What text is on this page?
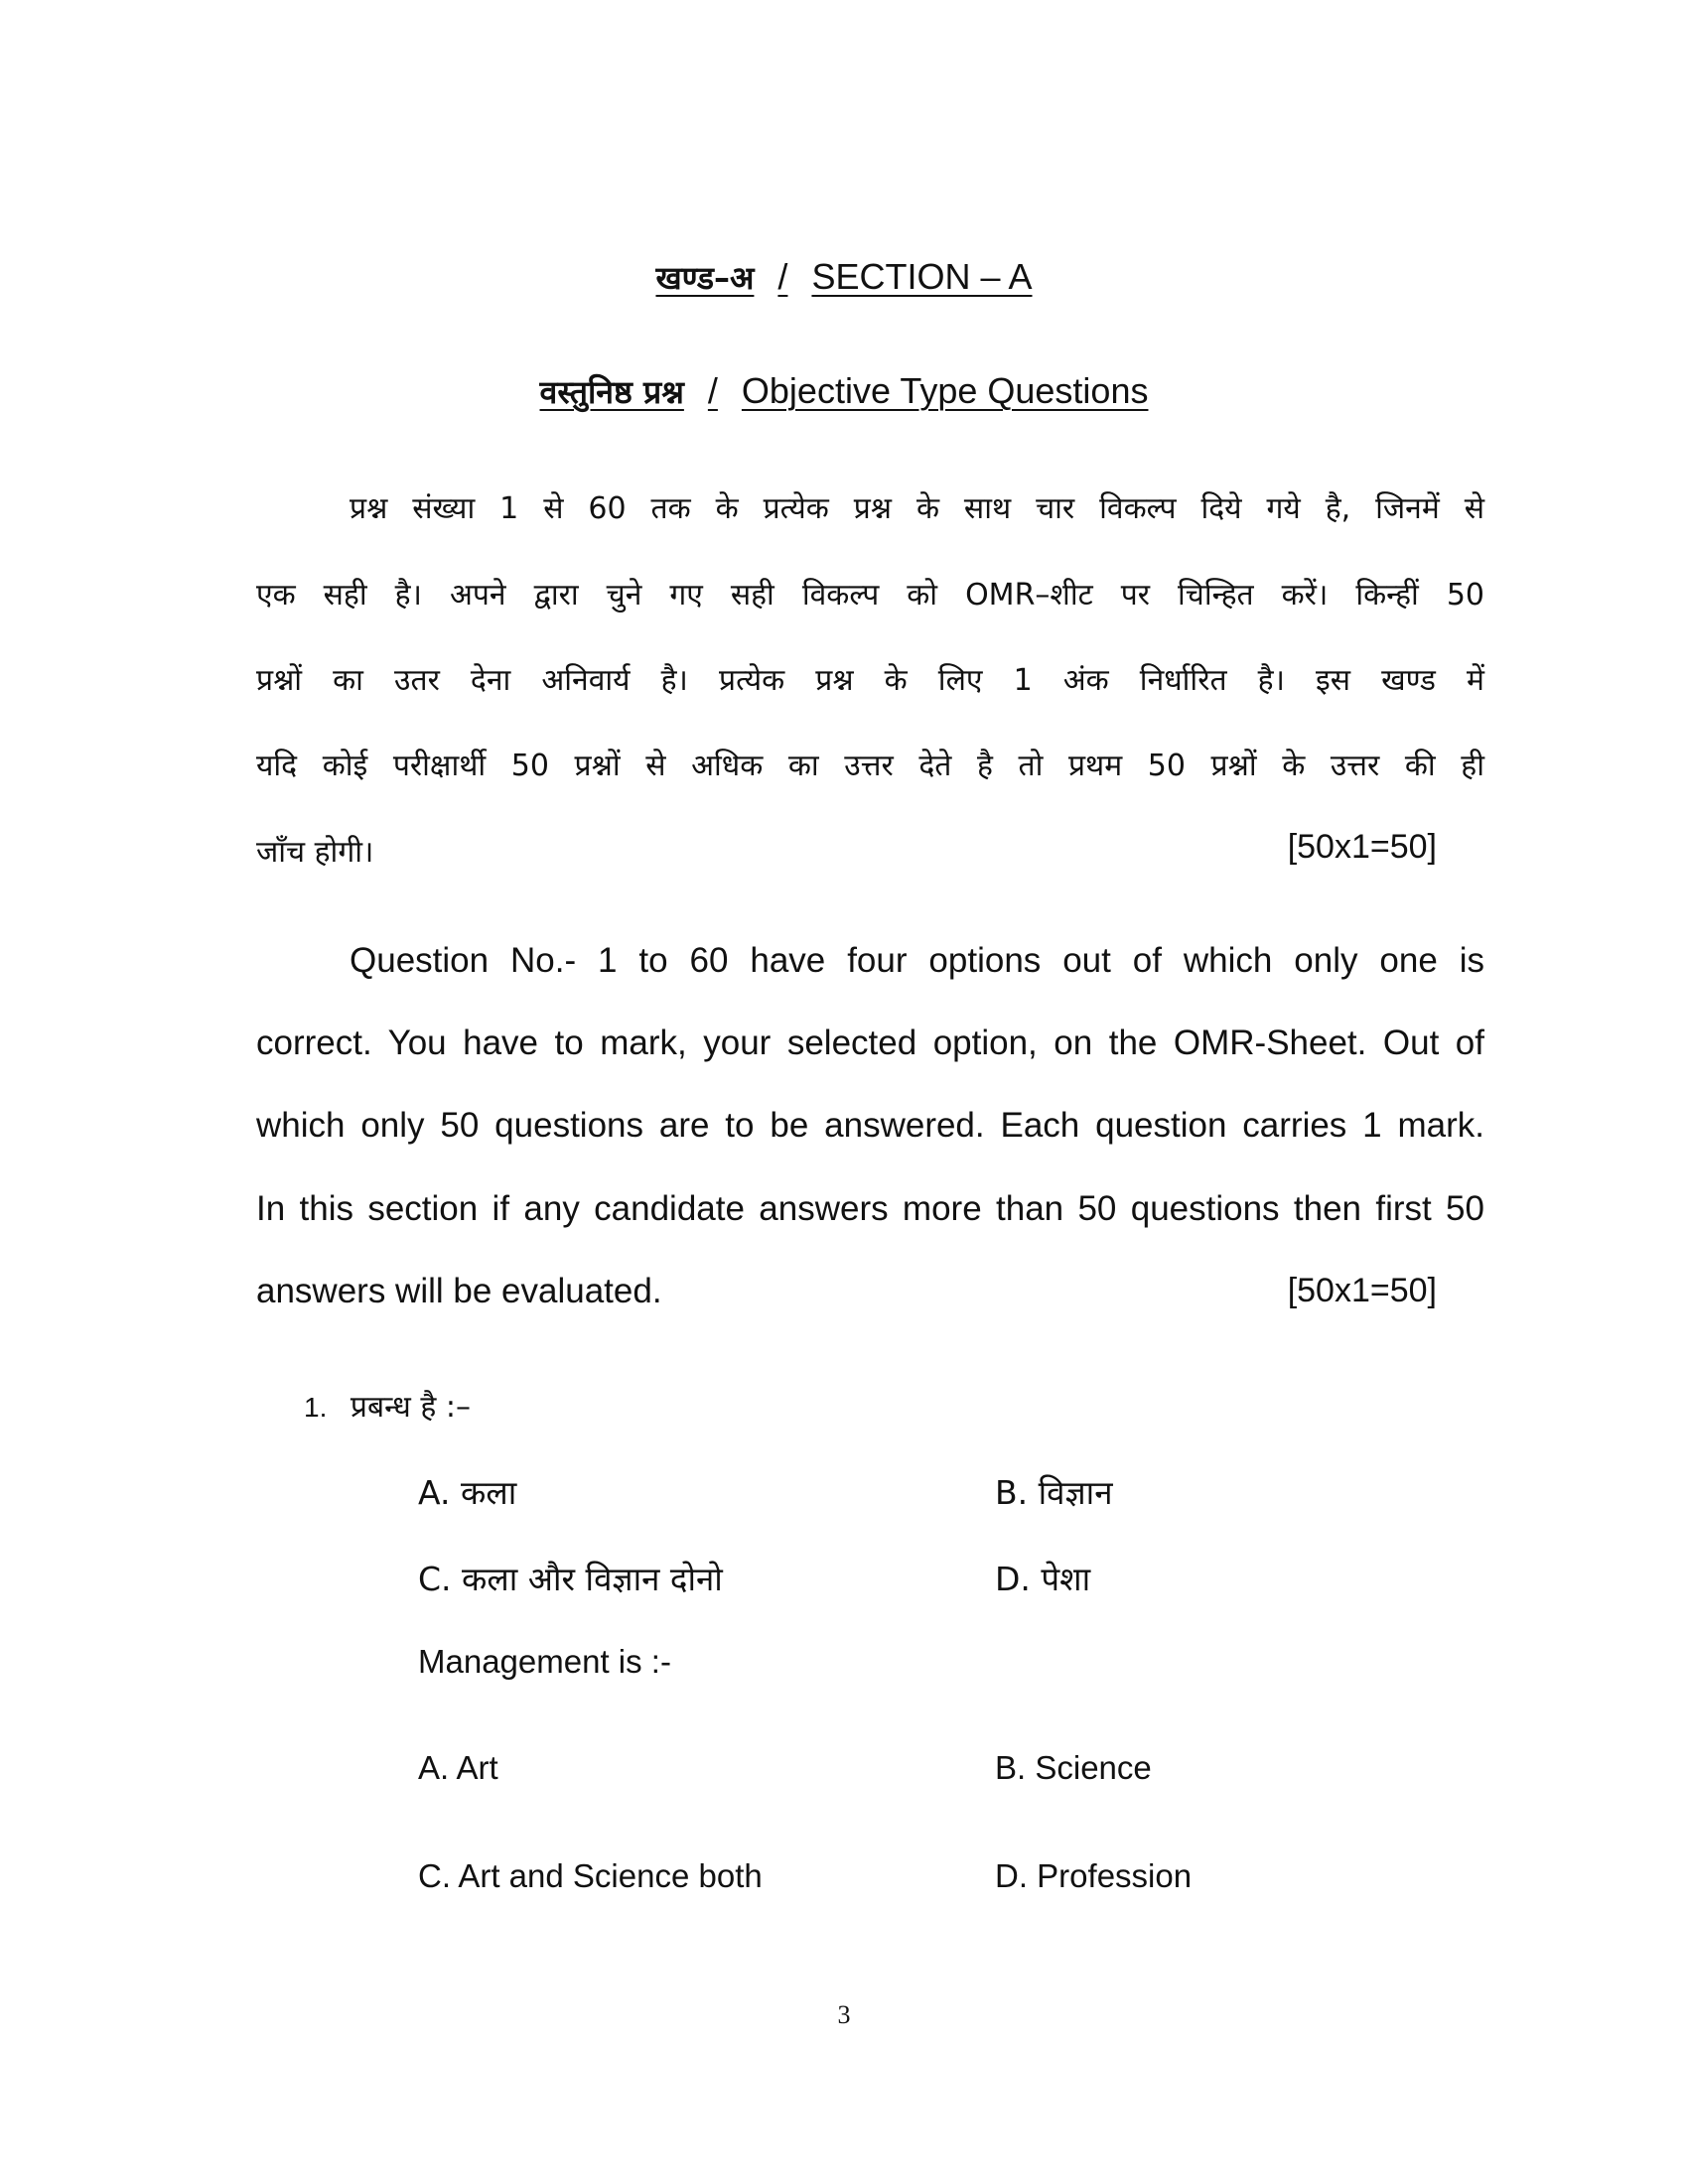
खण्ड–अ / SECTION – A
वस्तुनिष्ठ प्रश्न / Objective Type Questions
प्रश्न संख्या 1 से 60 तक के प्रत्येक प्रश्न के साथ चार विकल्प दिये गये है, जिनमें से
एक सही है। अपने द्वारा चुने गए सही विकल्प को OMR–शीट पर चिन्हित करें। किन्हीं 50
प्रश्नों का उतर देना अनिवार्य है। प्रत्येक प्रश्न के लिए 1 अंक निर्धारित है। इस खण्ड में
यदि कोई परीक्षार्थी 50 प्रश्नों से अधिक का उत्तर देते है तो प्रथम 50 प्रश्नों के उत्तर की ही
जाँच होगी।	[50x1=50]
Question No.- 1 to 60 have four options out of which only one is
correct. You have to mark, your selected option, on the OMR-Sheet. Out of
which only 50 questions are to be answered. Each question carries 1 mark.
In this section if any candidate answers more than 50 questions then first 50
answers will be evaluated.	[50x1=50]
1. प्रबन्ध है :–
A. कला	B. विज्ञान
C. कला और विज्ञान दोनो	D. पेशा
Management is :-
A. Art	B. Science
C. Art and Science both	D. Profession
3
